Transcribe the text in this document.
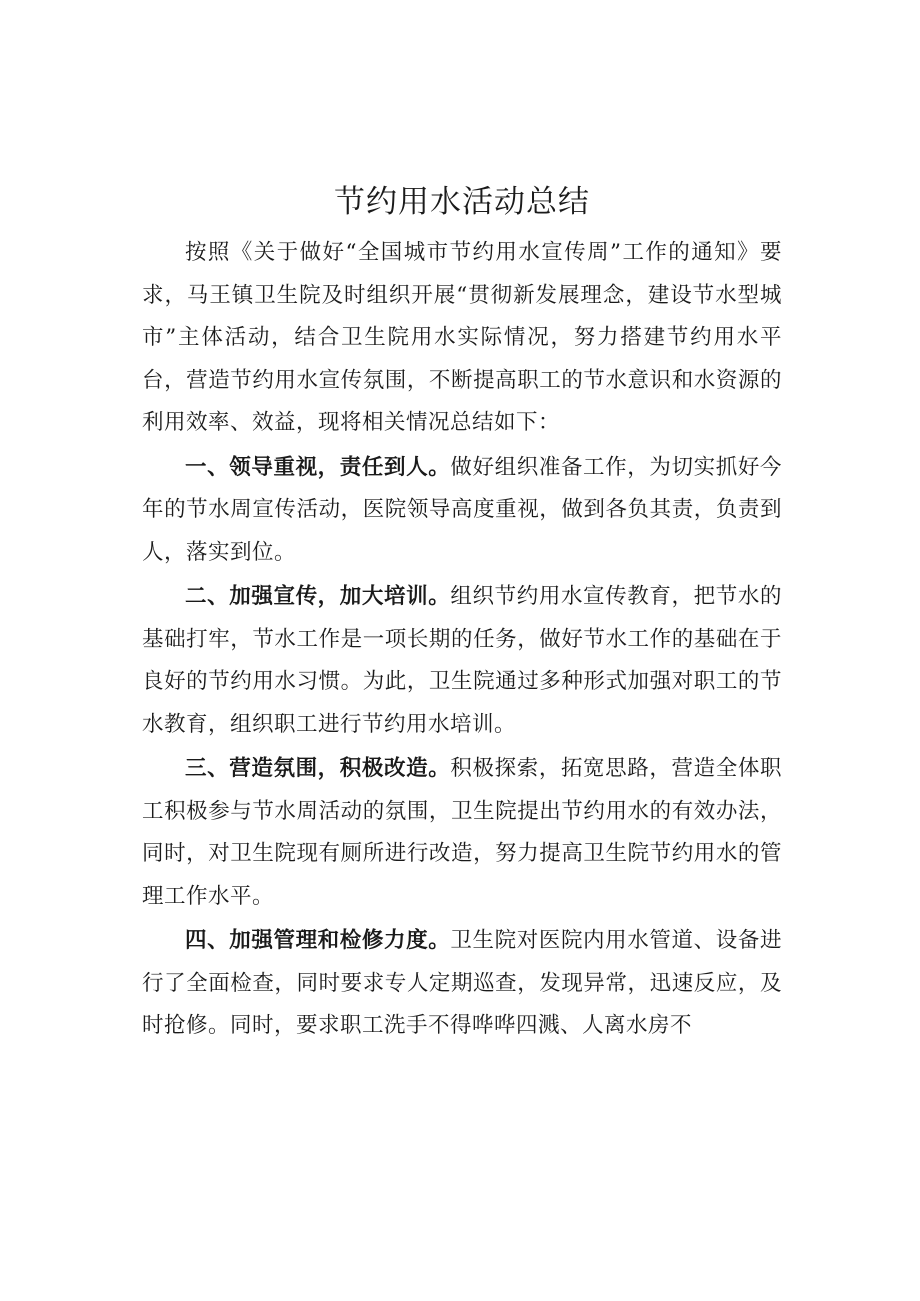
节约用水活动总结

按照《关于做好“全国城市节约用水宣传周”工作的通知》要求，马王镇卫生院及时组织开展“贯彻新发展理念，建设节水型城市”主体活动，结合卫生院用水实际情况，努力搭建节约用水平台，营造节约用水宣传氛围，不断提高职工的节水意识和水资源的利用效率、效益，现将相关情况总结如下：

一、领导重视，责任到人。做好组织准备工作，为切实抓好今年的节水周宣传活动，医院领导高度重视，做到各负其责，负责到人，落实到位。

二、加强宣传，加大培训。组织节约用水宣传教育，把节水的基础打牢，节水工作是一项长期的任务，做好节水工作的基础在于良好的节约用水习惯。为此，卫生院通过多种形式加强对职工的节水教育，组织职工进行节约用水培训。

三、营造氛围，积极改造。积极探索，拓宽思路，营造全体职工积极参与节水周活动的氛围，卫生院提出节约用水的有效办法，同时，对卫生院现有厕所进行改造，努力提高卫生院节约用水的管理工作水平。

四、加强管理和检修力度。卫生院对医院内用水管道、设备进行了全面检查，同时要求专人定期巡查，发现异常，迅速反应，及时抢修。同时，要求职工洗手不得哗哗四溅、人离水房不
